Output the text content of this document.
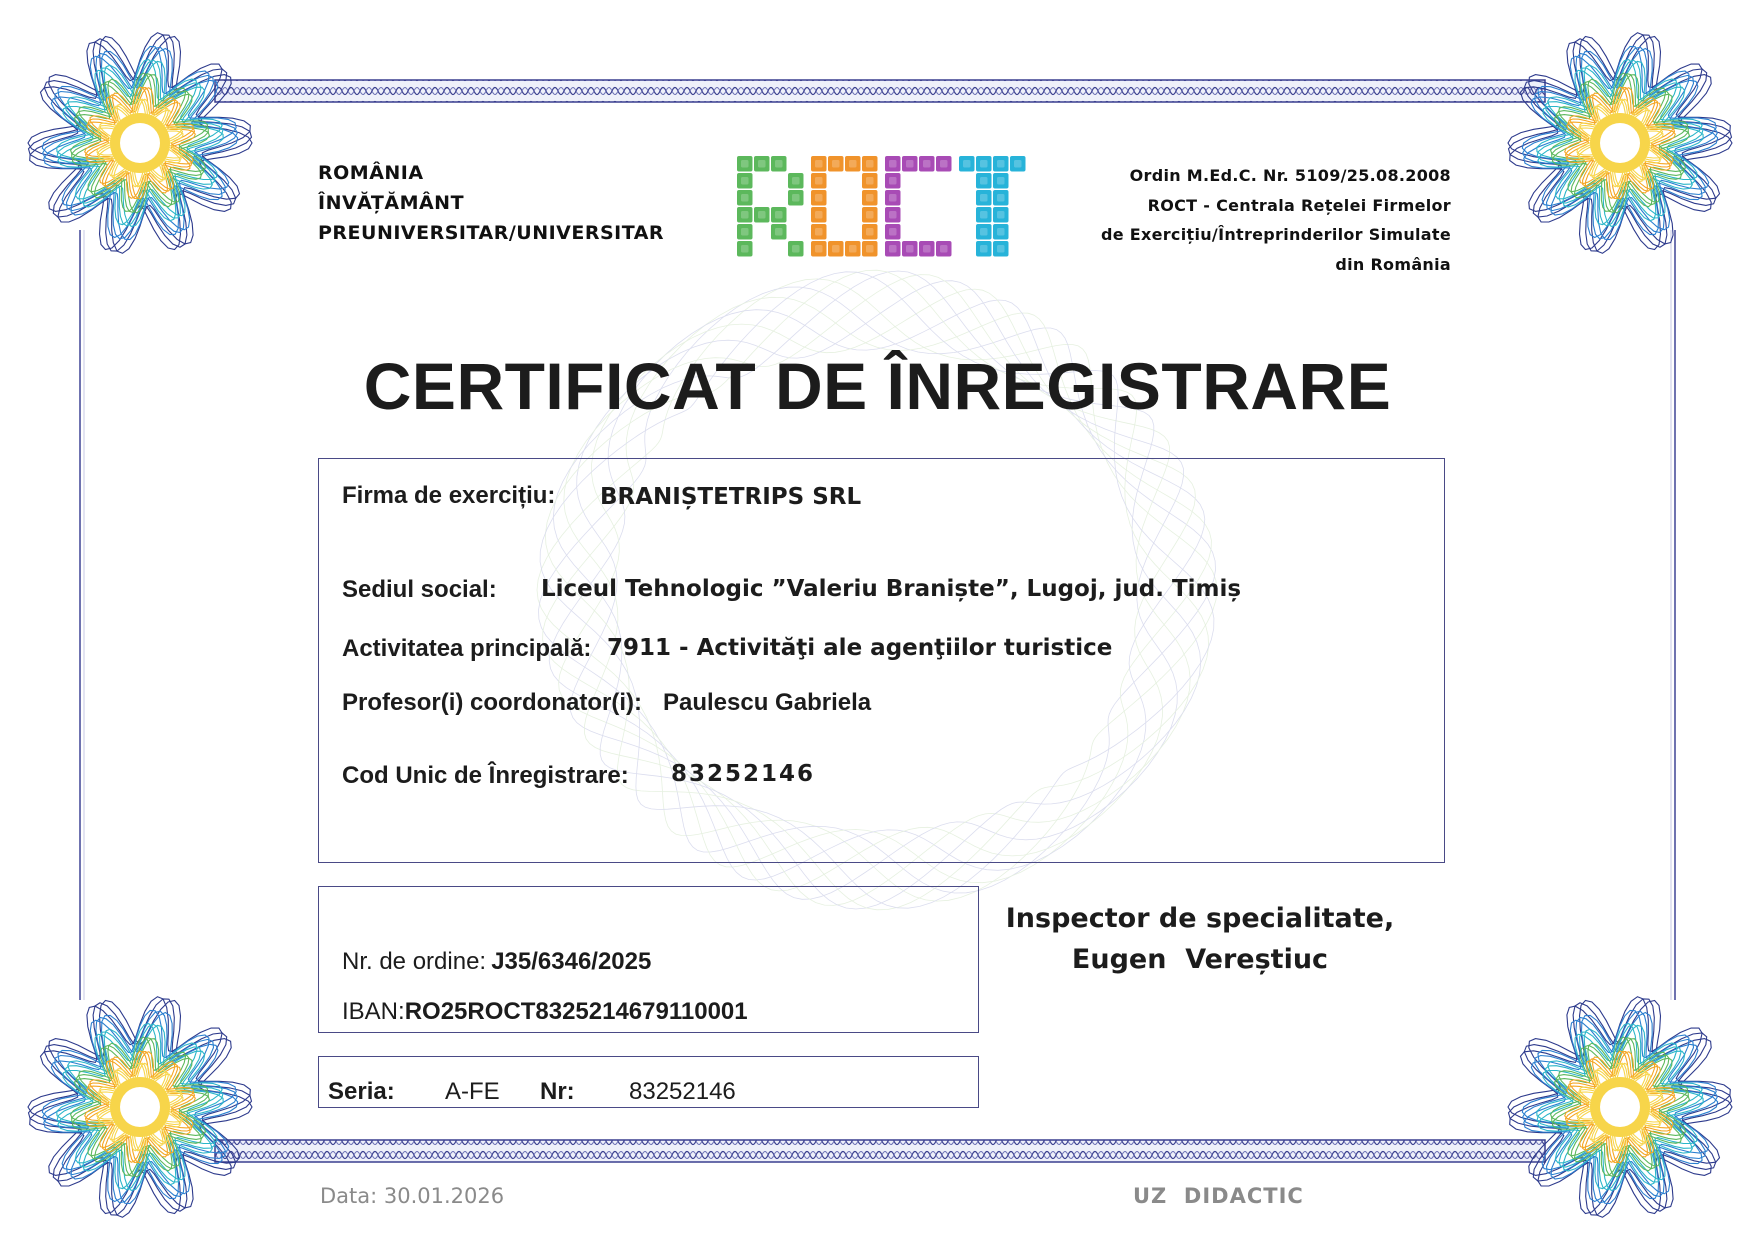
ROMÂNIA
ÎNVĂȚĂMÂNT
PREUNIVERSITAR/UNIVERSITAR
Ordin M.Ed.C. Nr. 5109/25.08.2008
ROCT - Centrala Rețelei Firmelor
de Exercițiu/Întreprinderilor Simulate
din România
CERTIFICAT DE ÎNREGISTRARE
Firma de exercițiu: BRANIȘTETRIPS SRL
Sediul social: Liceul Tehnologic ”Valeriu Braniște”, Lugoj, jud. Timiș
Activitatea principală: 7911 - Activităţi ale agenţiilor turistice
Profesor(i) coordonator(i): Paulescu Gabriela
Cod Unic de Înregistrare: 83252146
Nr. de ordine: J35/6346/2025
IBAN:RO25ROCT8325214679110001
Seria: A-FE Nr: 83252146
Inspector de specialitate,
Eugen  Vereștiuc
Data: 30.01.2026	UZ  DIDACTIC
